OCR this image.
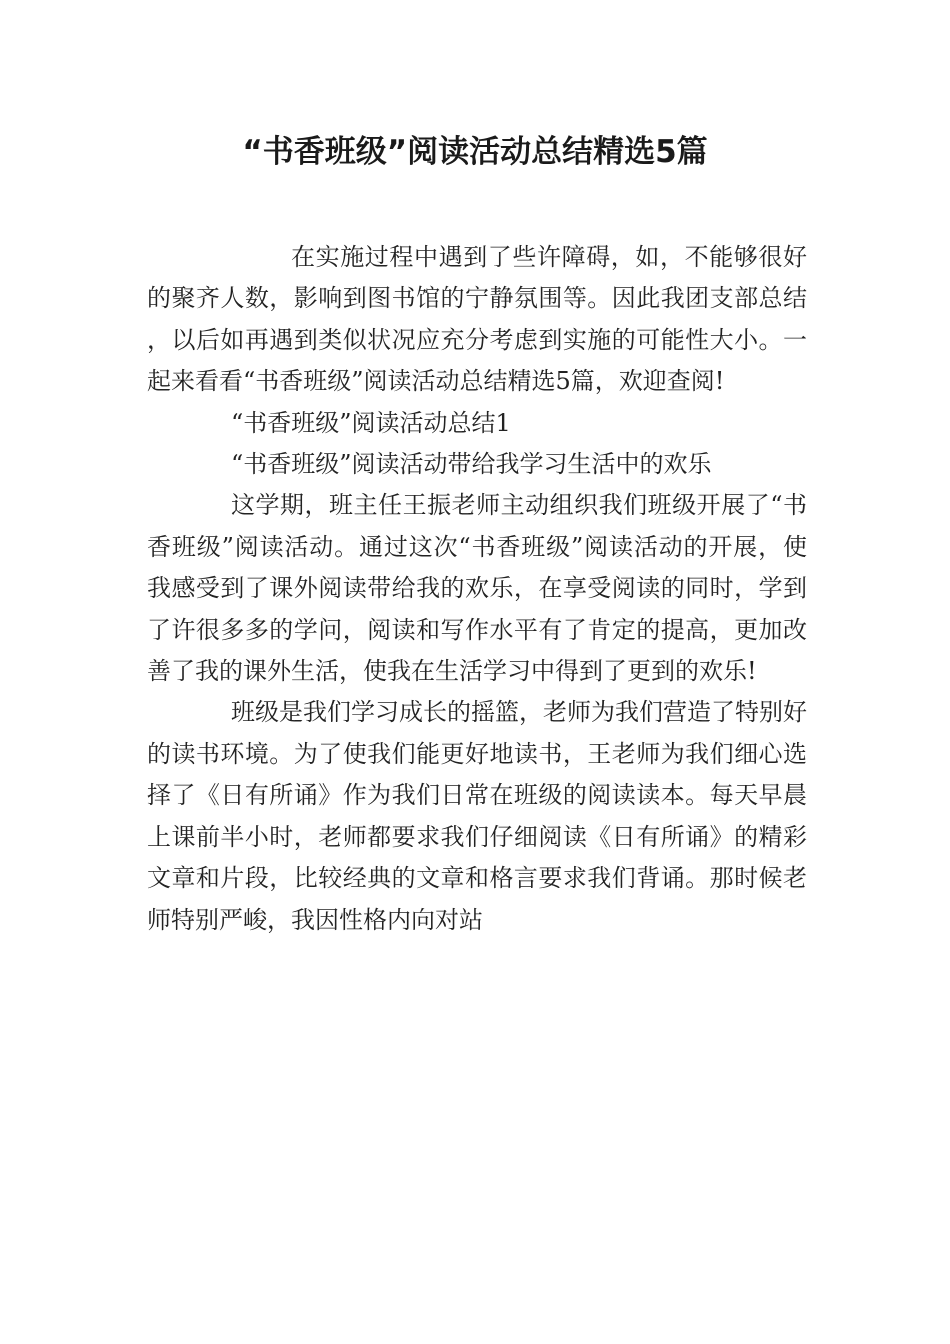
“书香班级”阅读活动总结精选5篇

在实施过程中遇到了些许障碍，如，不能够很好的聚齐人数，影响到图书馆的宁静氛围等。因此我团支部总结，以后如再遇到类似状况应充分考虑到实施的可能性大小。一起来看看“书香班级”阅读活动总结精选5篇，欢迎查阅!

“书香班级”阅读活动总结1

“书香班级”阅读活动带给我学习生活中的欢乐

这学期，班主任王振老师主动组织我们班级开展了“书香班级”阅读活动。通过这次“书香班级”阅读活动的开展，使我感受到了课外阅读带给我的欢乐，在享受阅读的同时，学到了许很多多的学问，阅读和写作水平有了肯定的提高，更加改善了我的课外生活，使我在生活学习中得到了更到的欢乐!

班级是我们学习成长的摇篮，老师为我们营造了特别好的读书环境。为了使我们能更好地读书，王老师为我们细心选择了《日有所诵》作为我们日常在班级的阅读读本。每天早晨上课前半小时，老师都要求我们仔细阅读《日有所诵》的精彩文章和片段，比较经典的文章和格言要求我们背诵。那时候老师特别严峻，我因性格内向对站
